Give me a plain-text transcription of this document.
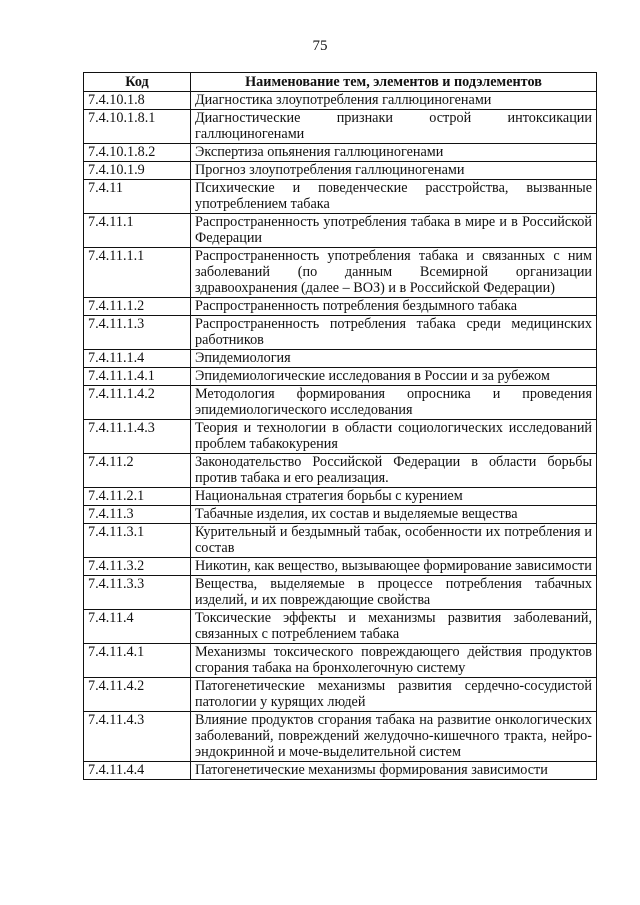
75
Код	Наименование тем, элементов и подэлементов
7.4.10.1.8	Диагностика злоупотребления галлюциногенами
7.4.10.1.8.1	Диагностические признаки острой интоксикации галлюциногенами
7.4.10.1.8.2	Экспертиза опьянения галлюциногенами
7.4.10.1.9	Прогноз злоупотребления галлюциногенами
7.4.11	Психические и поведенческие расстройства, вызванные употреблением табака
7.4.11.1	Распространенность употребления табака в мире и в Российской Федерации
7.4.11.1.1	Распространенность употребления табака и связанных с ним заболеваний (по данным Всемирной организации здравоохранения (далее – ВОЗ) и в Российской Федерации)
7.4.11.1.2	Распространенность потребления бездымного табака
7.4.11.1.3	Распространенность потребления табака среди медицинских работников
7.4.11.1.4	Эпидемиология
7.4.11.1.4.1	Эпидемиологические исследования в России и за рубежом
7.4.11.1.4.2	Методология формирования опросника и проведения эпидемиологического исследования
7.4.11.1.4.3	Теория и технологии в области социологических исследований проблем табакокурения
7.4.11.2	Законодательство Российской Федерации в области борьбы против табака и его реализация.
7.4.11.2.1	Национальная стратегия борьбы с курением
7.4.11.3	Табачные изделия, их состав и выделяемые вещества
7.4.11.3.1	Курительный и бездымный табак, особенности их потребления и состав
7.4.11.3.2	Никотин, как вещество, вызывающее формирование зависимости
7.4.11.3.3	Вещества, выделяемые в процессе потребления табачных изделий, и их повреждающие свойства
7.4.11.4	Токсические эффекты и механизмы развития заболеваний, связанных с потреблением табака
7.4.11.4.1	Механизмы токсического повреждающего действия продуктов сгорания табака на бронхолегочную систему
7.4.11.4.2	Патогенетические механизмы развития сердечно-сосудистой патологии у курящих людей
7.4.11.4.3	Влияние продуктов сгорания табака на развитие онкологических заболеваний, повреждений желудочно-кишечного тракта, нейро-эндокринной и моче-выделительной систем
7.4.11.4.4	Патогенетические механизмы формирования зависимости
